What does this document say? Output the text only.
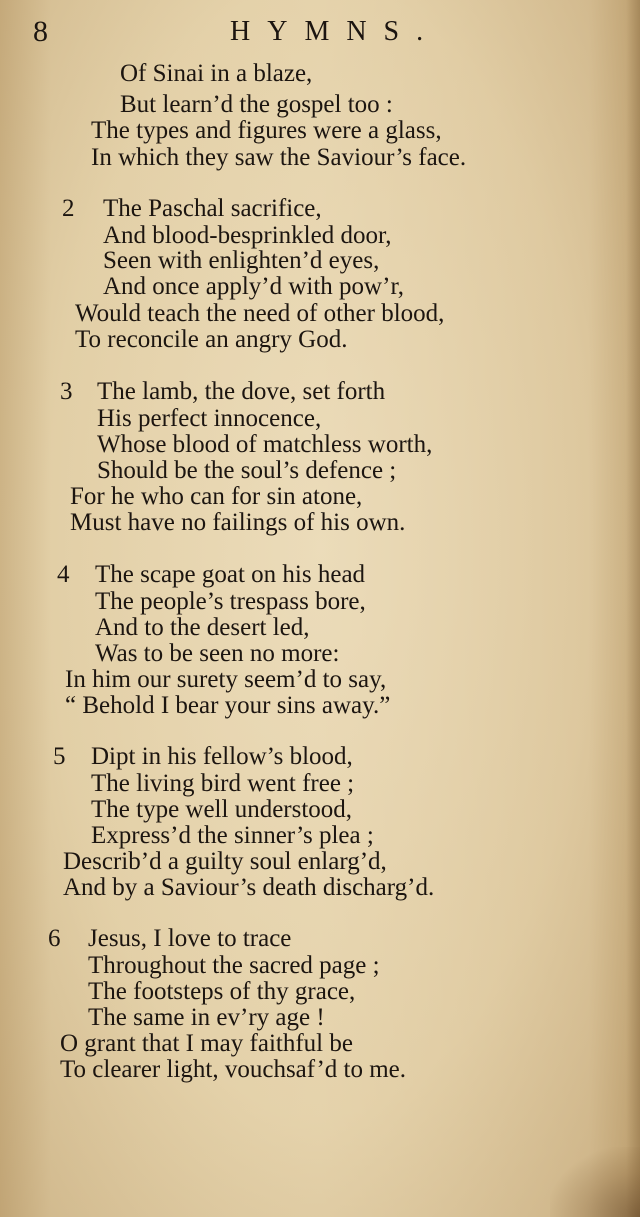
8	HYMNS.
Of Sinai in a blaze,
But learn’d the gospel too :
The types and figures were a glass,
In which they saw the Saviour’s face.
2 The Paschal sacrifice,
And blood-besprinkled door,
Seen with enlighten’d eyes,
And once apply’d with pow’r,
Would teach the need of other blood,
To reconcile an angry God.
3 The lamb, the dove, set forth
His perfect innocence,
Whose blood of matchless worth,
Should be the soul’s defence ;
For he who can for sin atone,
Must have no failings of his own.
4 The scape goat on his head
The people’s trespass bore,
And to the desert led,
Was to be seen no more:
In him our surety seem’d to say,
“ Behold I bear your sins away.”
5 Dipt in his fellow’s blood,
The living bird went free ;
The type well understood,
Express’d the sinner’s plea ;
Describ’d a guilty soul enlarg’d,
And by a Saviour’s death discharg’d.
6 Jesus, I love to trace
Throughout the sacred page ;
The footsteps of thy grace,
The same in ev’ry age !
O grant that I may faithful be
To clearer light, vouchsaf’d to me.
